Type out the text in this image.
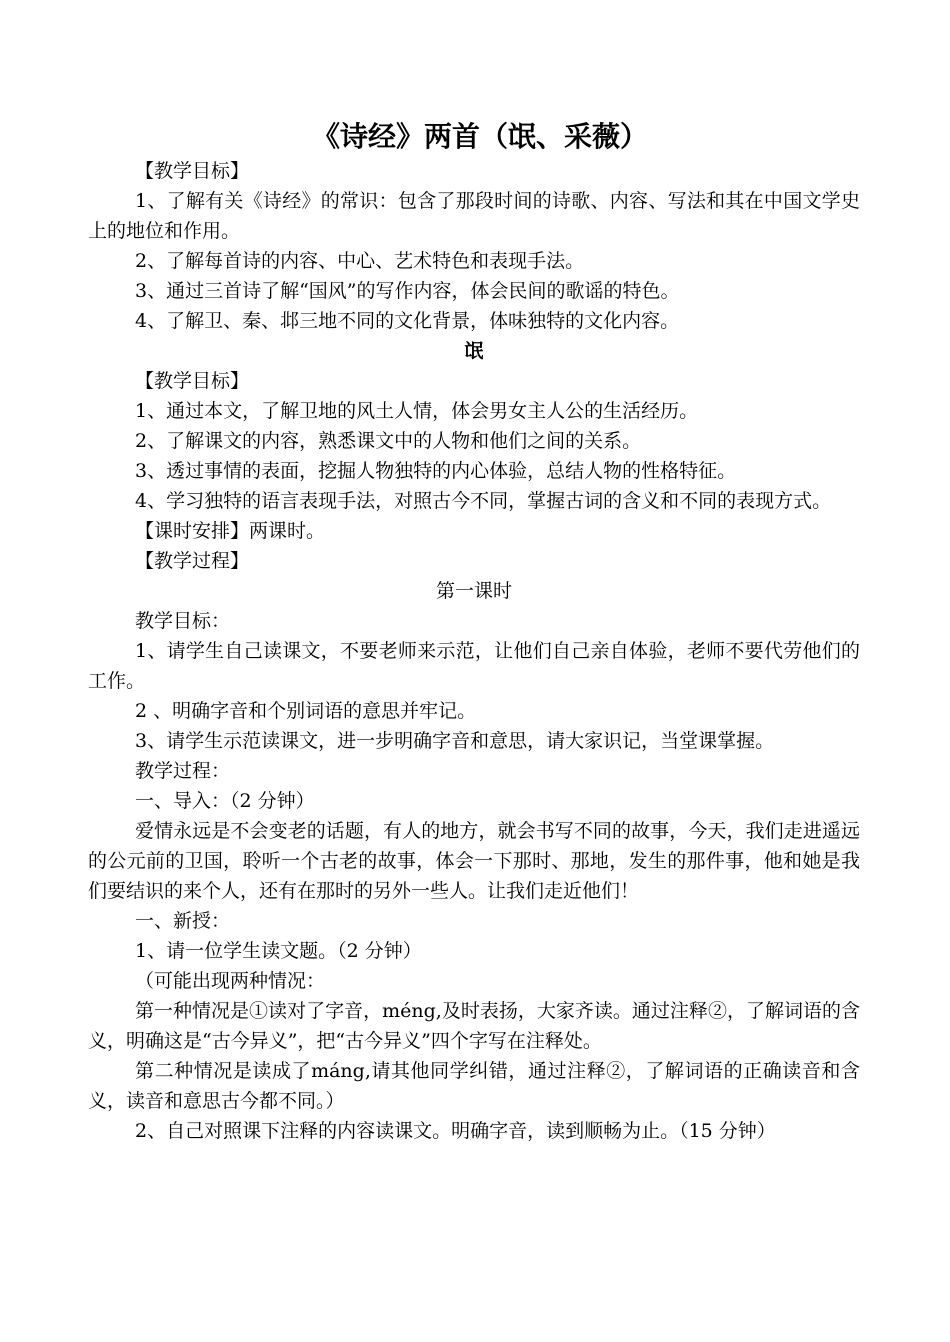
《诗经》两首（氓、采薇）

【教学目标】

1、了解有关《诗经》的常识：包含了那段时间的诗歌、内容、写法和其在中国文学史上的地位和作用。

2、了解每首诗的内容、中心、艺术特色和表现手法。

3、通过三首诗了解“国风”的写作内容，体会民间的歌谣的特色。

4、了解卫、秦、邶三地不同的文化背景，体味独特的文化内容。

氓

【教学目标】

1、通过本文，了解卫地的风土人情，体会男女主人公的生活经历。

2、了解课文的内容，熟悉课文中的人物和他们之间的关系。

3、透过事情的表面，挖掘人物独特的内心体验，总结人物的性格特征。

4、学习独特的语言表现手法，对照古今不同，掌握古词的含义和不同的表现方式。

【课时安排】两课时。

【教学过程】

第一课时

教学目标：

1、请学生自己读课文，不要老师来示范，让他们自己亲自体验，老师不要代劳他们的工作。

2 、明确字音和个别词语的意思并牢记。

3、请学生示范读课文，进一步明确字音和意思，请大家识记，当堂课掌握。

教学过程：

一、导入：（2 分钟）

爱情永远是不会变老的话题，有人的地方，就会书写不同的故事，今天，我们走进遥远的公元前的卫国，聆听一个古老的故事，体会一下那时、那地，发生的那件事，他和她是我们要结识的来个人，还有在那时的另外一些人。让我们走近他们！

一、新授：

1、请一位学生读文题。（2 分钟）

（可能出现两种情况：

第一种情况是①读对了字音，méng,及时表扬，大家齐读。通过注释②，了解词语的含义，明确这是“古今异义”，把“古今异义”四个字写在注释处。

第二种情况是读成了máng,请其他同学纠错，通过注释②，了解词语的正确读音和含义，读音和意思古今都不同。）

2、自己对照课下注释的内容读课文。明确字音，读到顺畅为止。（15 分钟）
